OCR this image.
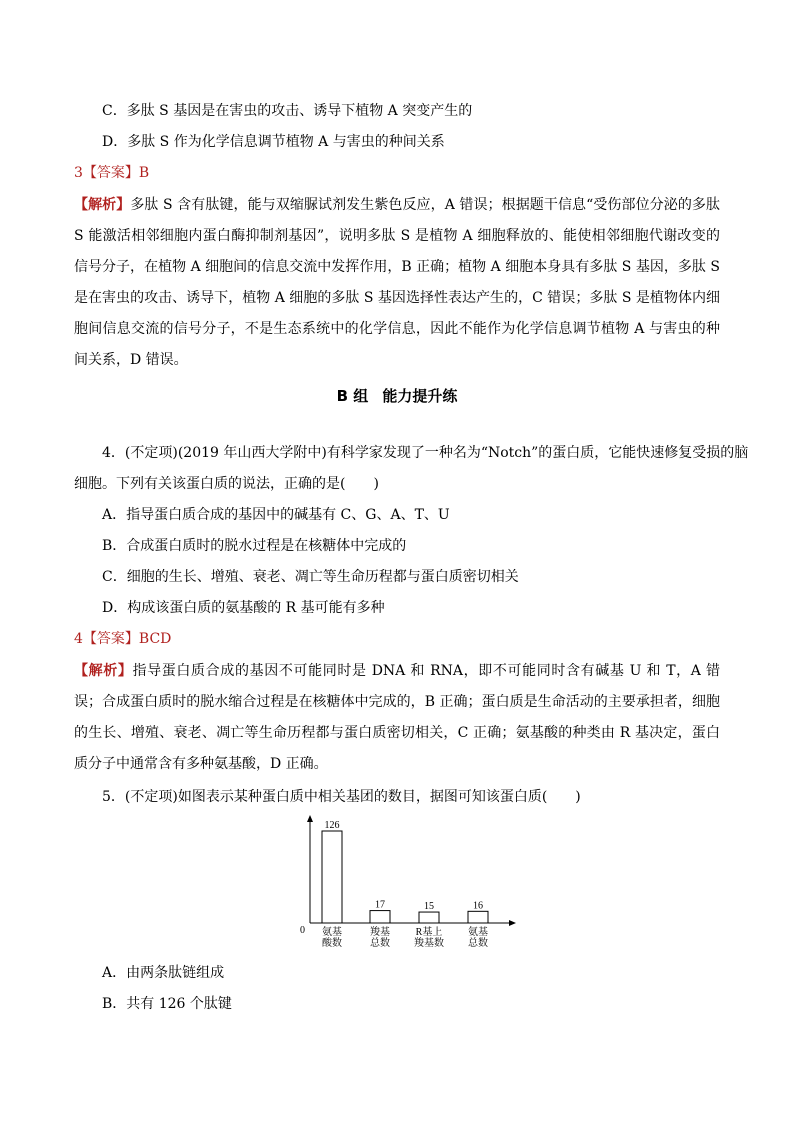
C．多肽 S 基因是在害虫的攻击、诱导下植物 A 突变产生的
D．多肽 S 作为化学信息调节植物 A 与害虫的种间关系
3【答案】B
【解析】多肽 S 含有肽键，能与双缩脲试剂发生紫色反应，A 错误；根据题干信息“受伤部位分泌的多肽 S 能激活相邻细胞内蛋白酶抑制剂基因”，说明多肽 S 是植物 A 细胞释放的、能使相邻细胞代谢改变的信号分子，在植物 A 细胞间的信息交流中发挥作用，B 正确；植物 A 细胞本身具有多肽 S 基因，多肽 S 是在害虫的攻击、诱导下，植物 A 细胞的多肽 S 基因选择性表达产生的，C 错误；多肽 S 是植物体内细胞间信息交流的信号分子，不是生态系统中的化学信息，因此不能作为化学信息调节植物 A 与害虫的种间关系，D 错误。
B 组 能力提升练
4．(不定项)(2019 年山西大学附中)有科学家发现了一种名为“Notch”的蛋白质，它能快速修复受损的脑
细胞。下列有关该蛋白质的说法，正确的是(　　)
A．指导蛋白质合成的基因中的碱基有 C、G、A、T、U
B．合成蛋白质时的脱水过程是在核糖体中完成的
C．细胞的生长、增殖、衰老、凋亡等生命历程都与蛋白质密切相关
D．构成该蛋白质的氨基酸的 R 基可能有多种
4【答案】BCD
【解析】指导蛋白质合成的基因不可能同时是 DNA 和 RNA，即不可能同时含有碱基 U 和 T，A 错误；合成蛋白质时的脱水缩合过程是在核糖体中完成的，B 正确；蛋白质是生命活动的主要承担者，细胞的生长、增殖、衰老、凋亡等生命历程都与蛋白质密切相关，C 正确；氨基酸的种类由 R 基决定，蛋白质分子中通常含有多种氨基酸，D 正确。
5．(不定项)如图表示某种蛋白质中相关基团的数目，据图可知该蛋白质(　　)
0
126
氨基
酸数
17
羧基
总数
15
R基上
羧基数
16
氨基
总数
A．由两条肽链组成
B．共有 126 个肽键
